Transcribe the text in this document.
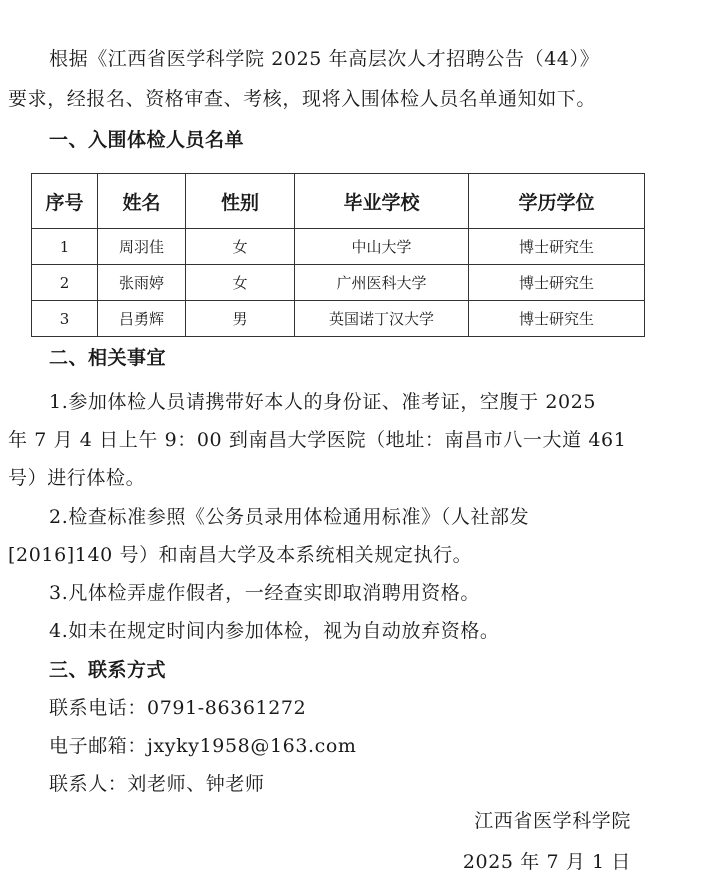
根据《江西省医学科学院 2025 年高层次人才招聘公告（44）》
要求，经报名、资格审查、考核，现将入围体检人员名单通知如下。
一、入围体检人员名单
序号	姓名	性别	毕业学校	学历学位
1	周羽佳	女	中山大学	博士研究生
2	张雨婷	女	广州医科大学	博士研究生
3	吕勇辉	男	英国诺丁汉大学	博士研究生
二、相关事宜
1.参加体检人员请携带好本人的身份证、准考证，空腹于 2025
年 7 月 4 日上午 9：00 到南昌大学医院（地址：南昌市八一大道 461
号）进行体检。
2.检查标准参照《公务员录用体检通用标准》（人社部发
[2016]140 号）和南昌大学及本系统相关规定执行。
3.凡体检弄虚作假者，一经查实即取消聘用资格。
4.如未在规定时间内参加体检，视为自动放弃资格。
三、联系方式
联系电话：0791-86361272
电子邮箱：jxyky1958@163.com
联系人：刘老师、钟老师
江西省医学科学院
2025 年 7 月 1 日
